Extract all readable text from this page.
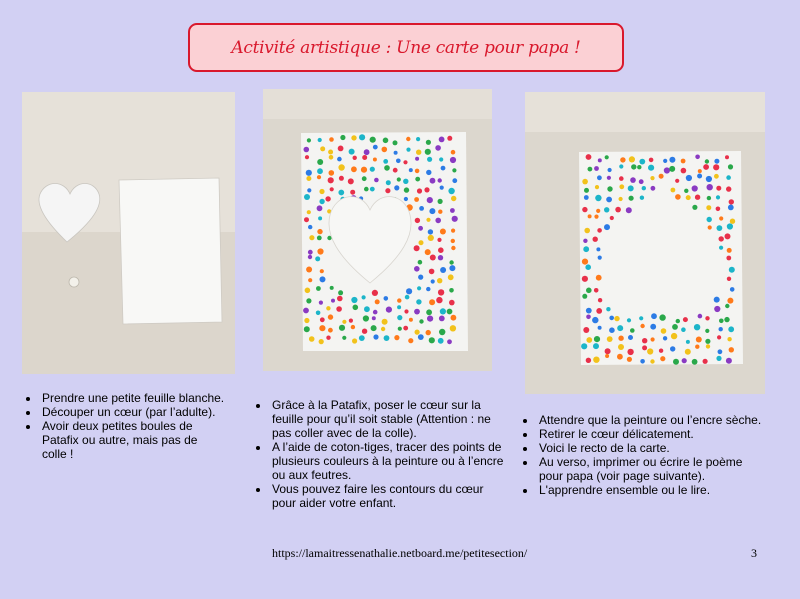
Activité artistique : Une carte pour papa !
• Prendre une petite feuille blanche.
• Découper un cœur (par l’adulte).
• Avoir deux petites boules de Patafix ou autre, mais pas de colle !
• Grâce à la Patafix, poser le cœur sur la feuille pour qu’il soit stable (Attention : ne pas coller avec de la colle).
• A l’aide de coton-tiges, tracer des points de plusieurs couleurs à la peinture ou à l’encre ou aux feutres.
• Vous pouvez faire les contours du cœur pour aider votre enfant.
• Attendre que la peinture ou l’encre sèche.
• Retirer le cœur délicatement.
• Voici le recto de la carte.
• Au verso, imprimer ou écrire le poème pour papa (voir page suivante).
• L'apprendre ensemble ou le lire.
https://lamaitressenathalie.netboard.me/petitesection/	3
